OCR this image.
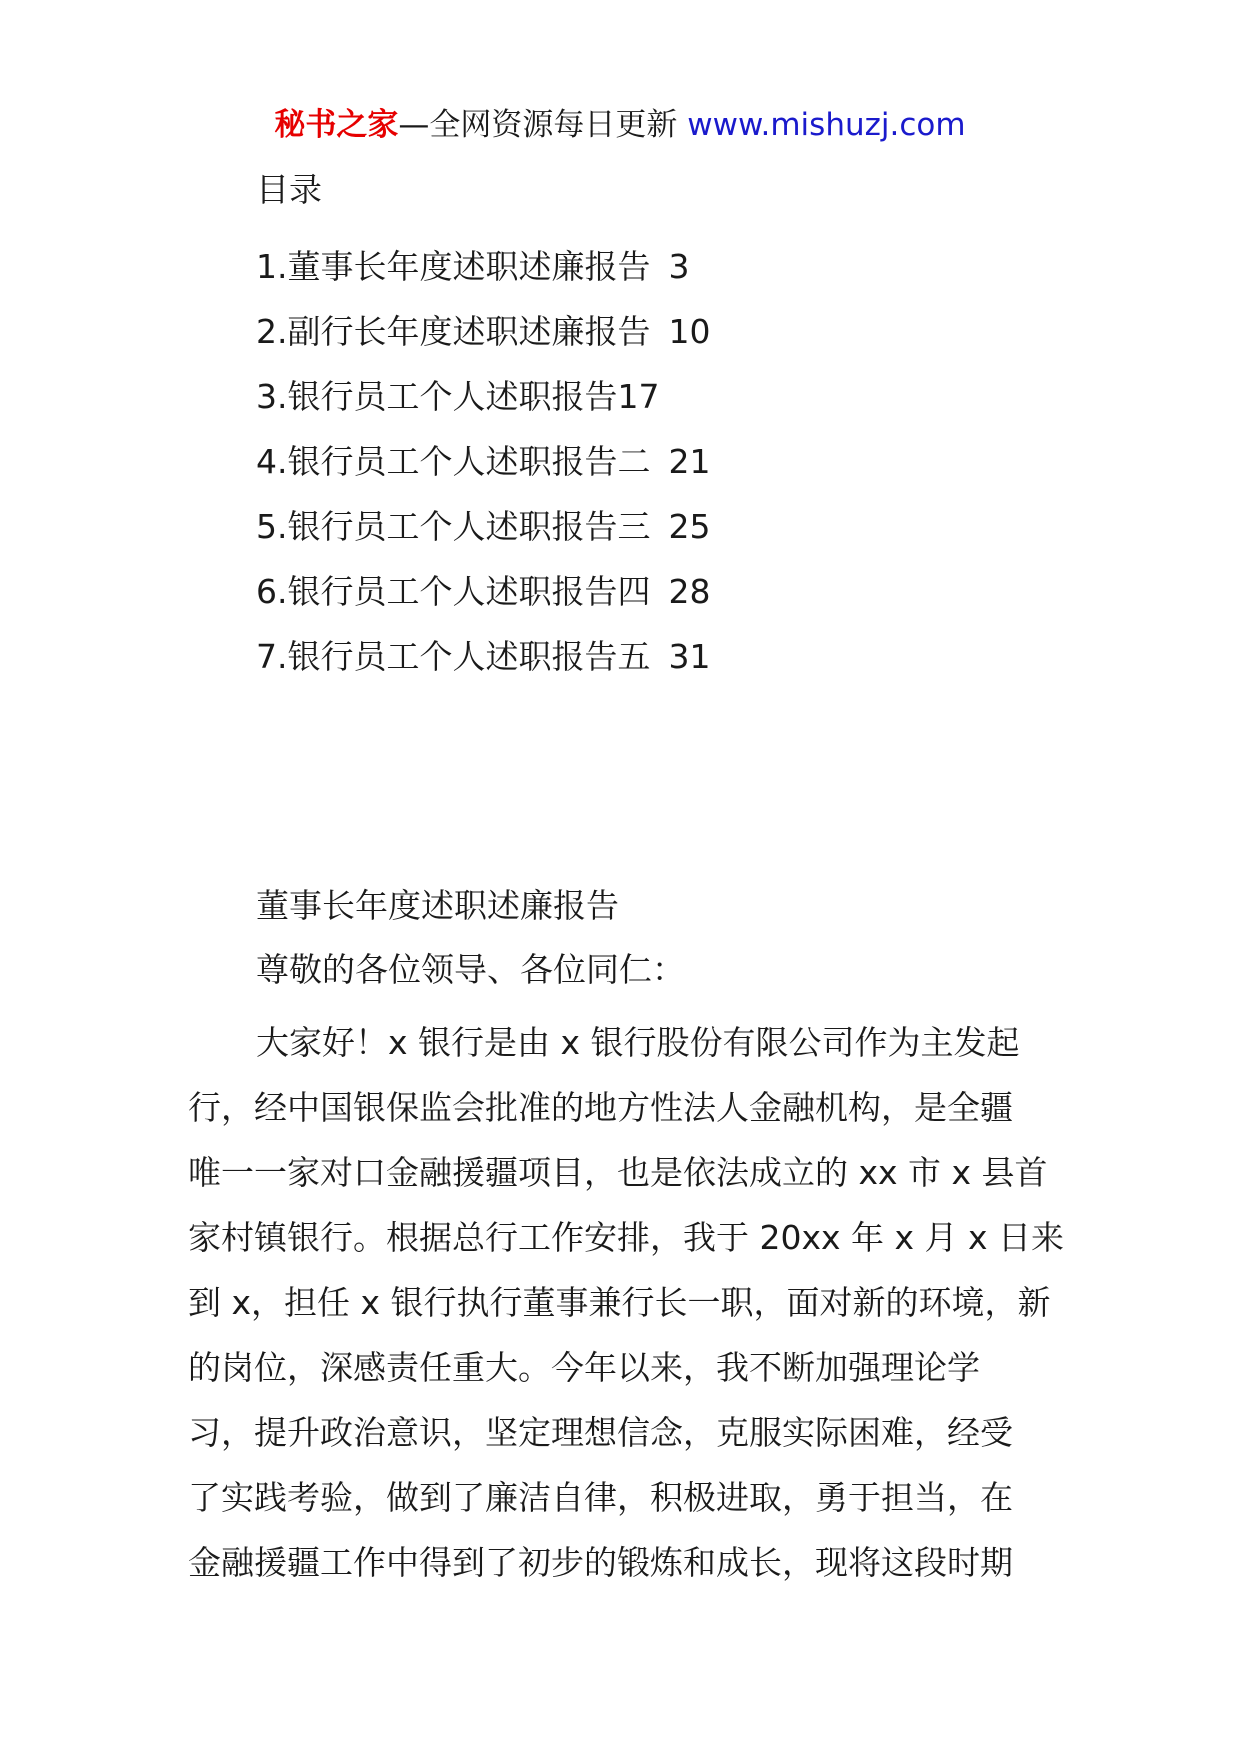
秘书之家—全网资源每日更新 www.mishuzj.com
目录
1.董事长年度述职述廉报告 3
2.副行长年度述职述廉报告 10
3.银行员工个人述职报告17
4.银行员工个人述职报告二 21
5.银行员工个人述职报告三 25
6.银行员工个人述职报告四 28
7.银行员工个人述职报告五 31
董事长年度述职述廉报告
尊敬的各位领导、各位同仁：
大家好！x 银行是由 x 银行股份有限公司作为主发起
行，经中国银保监会批准的地方性法人金融机构，是全疆
唯一一家对口金融援疆项目，也是依法成立的 xx 市 x 县首
家村镇银行。根据总行工作安排，我于 20xx 年 x 月 x 日来
到 x，担任 x 银行执行董事兼行长一职，面对新的环境，新
的岗位，深感责任重大。今年以来，我不断加强理论学
习，提升政治意识，坚定理想信念，克服实际困难，经受
了实践考验，做到了廉洁自律，积极进取，勇于担当，在
金融援疆工作中得到了初步的锻炼和成长，现将这段时期
